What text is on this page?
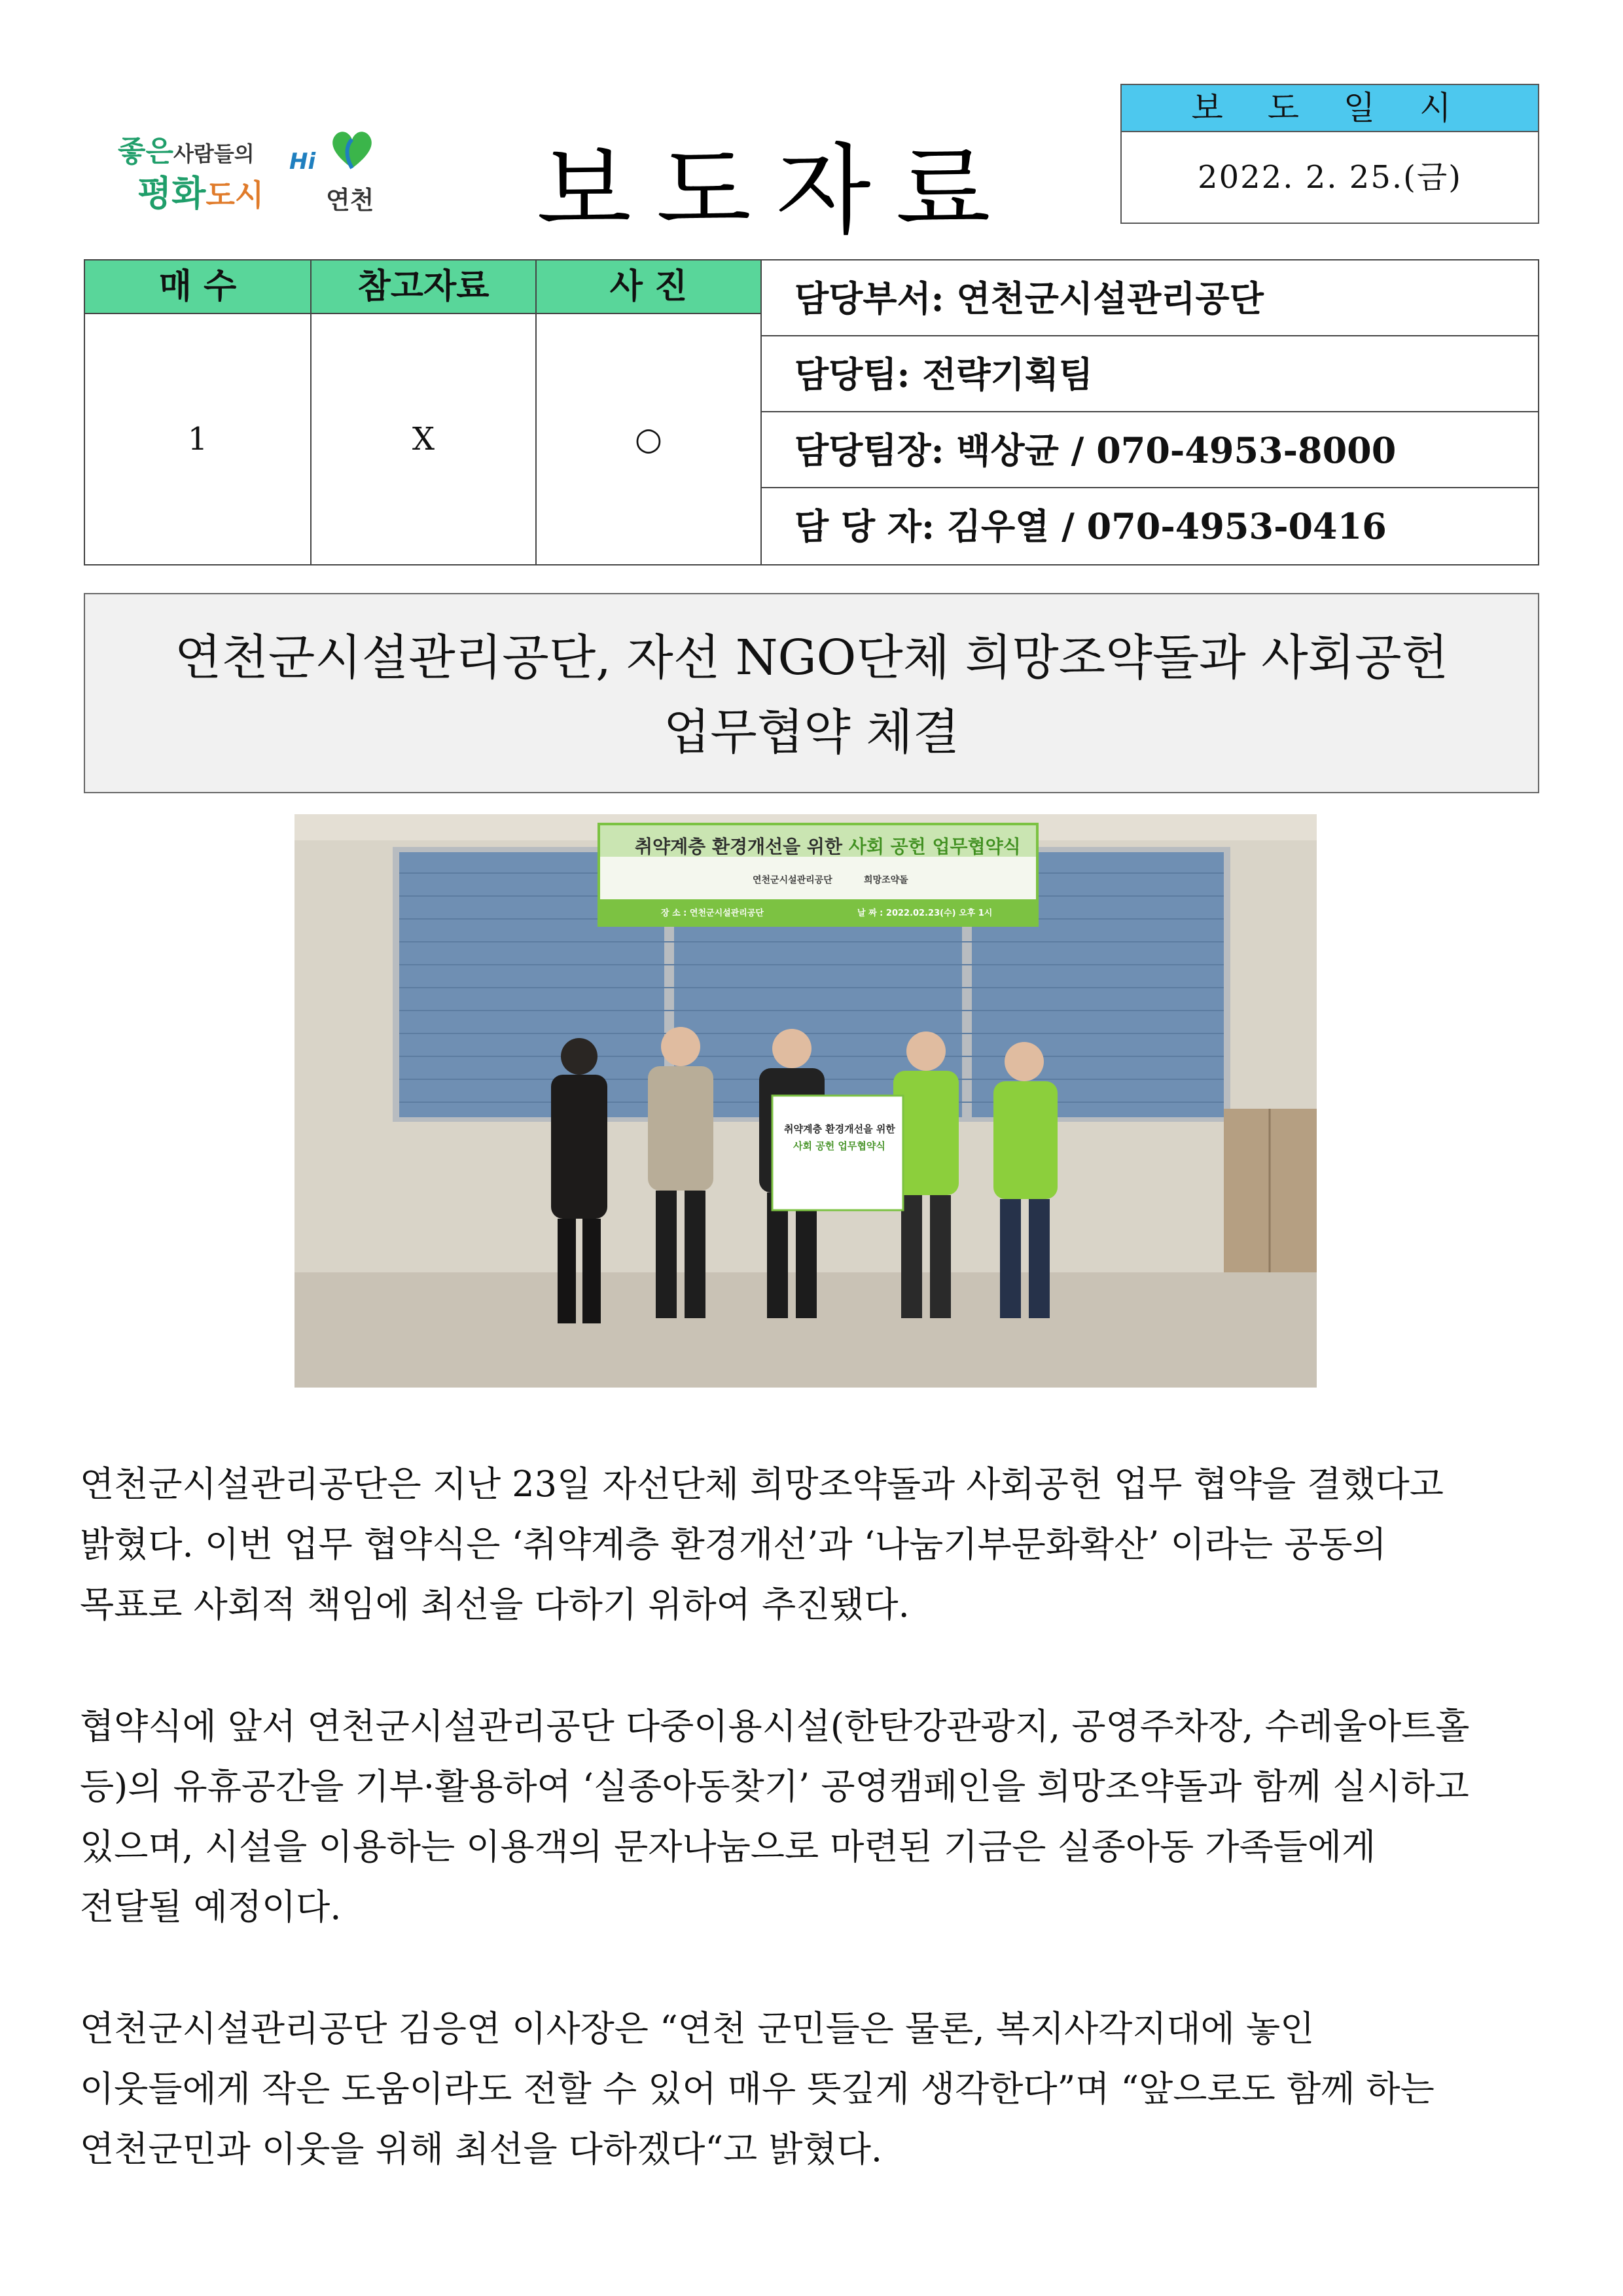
좋은사람들의
평화도시
Hi
연천 보도자료
보 도 일 시
2022. 2. 25.(금)
매 수
1
참고자료
X
사 진
○
담당부서: 연천군시설관리공단
담당팀: 전략기획팀
담당팀장: 백상균 / 070-4953-8000
담 당 자: 김우열 / 070-4953-0416
연천군시설관리공단, 자선 NGO단체 희망조약돌과 사회공헌
업무협약 체결
취약계층 환경개선을 위한 사회 공헌 업무협약식
연천군시설관리공단	희망조약돌
장 소 : 연천군시설관리공단	날 짜 : 2022.02.23(수) 오후 1시
취약계층 환경개선을 위한
사회 공헌 업무협약식

연천군시설관리공단은 지난 23일 자선단체 희망조약돌과 사회공헌 업무 협약을 결했다고

밝혔다. 이번 업무 협약식은 ‘취약계층 환경개선’과 ‘나눔기부문화확산’ 이라는 공동의

목표로 사회적 책임에 최선을 다하기 위하여 추진됐다.

협약식에 앞서 연천군시설관리공단 다중이용시설(한탄강관광지, 공영주차장, 수레울아트홀

등)의 유휴공간을 기부·활용하여 ‘실종아동찾기’ 공영캠페인을 희망조약돌과 함께 실시하고

있으며, 시설을 이용하는 이용객의 문자나눔으로 마련된 기금은 실종아동 가족들에게

전달될 예정이다.

연천군시설관리공단 김응연 이사장은 “연천 군민들은 물론, 복지사각지대에 놓인

이웃들에게 작은 도움이라도 전할 수 있어 매우 뜻깊게 생각한다”며 “앞으로도 함께 하는

연천군민과 이웃을 위해 최선을 다하겠다“고 밝혔다.
